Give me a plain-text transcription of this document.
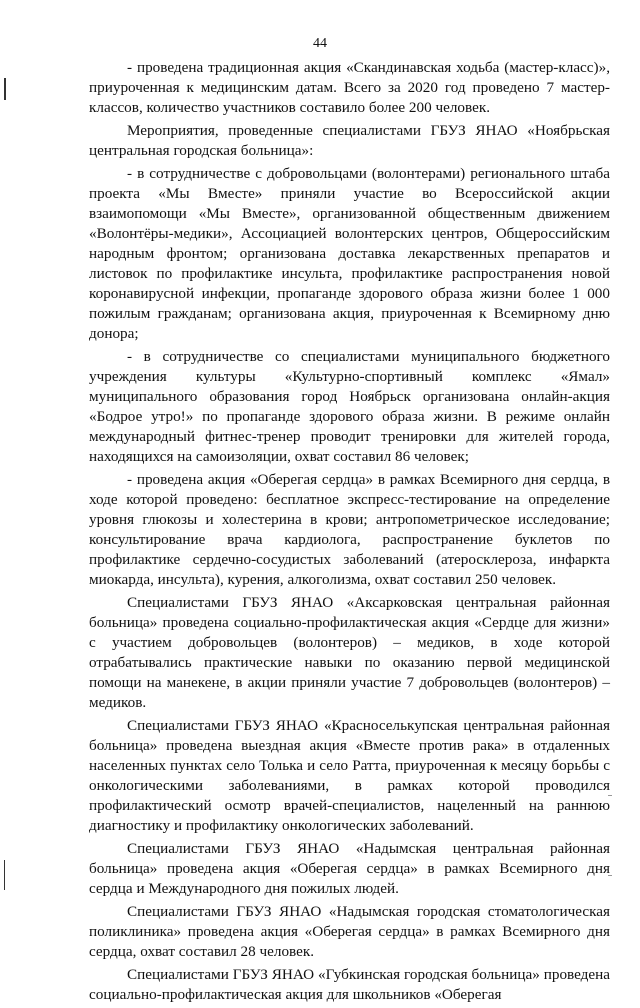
44

- проведена традиционная акция «Скандинавская ходьба (мастер-класс)», приуроченная к медицинским датам. Всего за 2020 год проведено 7 мастер-классов, количество участников составило более 200 человек.

Мероприятия, проведенные специалистами ГБУЗ ЯНАО «Ноябрьская центральная городская больница»:

- в сотрудничестве с добровольцами (волонтерами) регионального штаба проекта «Мы Вместе» приняли участие во Всероссийской акции взаимопомощи «Мы Вместе», организованной общественным движением «Волонтёры-медики», Ассоциацией волонтерских центров, Общероссийским народным фронтом; организована доставка лекарственных препаратов и листовок по профилактике инсульта, профилактике распространения новой коронавирусной инфекции, пропаганде здорового образа жизни более 1 000 пожилым гражданам; организована акция, приуроченная к Всемирному дню донора;

- в сотрудничестве со специалистами муниципального бюджетного учреждения культуры «Культурно-спортивный комплекс «Ямал» муниципального образования город Ноябрьск организована онлайн-акция «Бодрое утро!» по пропаганде здорового образа жизни. В режиме онлайн международный фитнес-тренер проводит тренировки для жителей города, находящихся на самоизоляции, охват составил 86 человек;

- проведена акция «Оберегая сердца» в рамках Всемирного дня сердца, в ходе которой проведено: бесплатное экспресс-тестирование на определение уровня глюкозы и холестерина в крови; антропометрическое исследование; консультирование врача кардиолога, распространение буклетов по профилактике сердечно-сосудистых заболеваний (атеросклероза, инфаркта миокарда, инсульта), курения, алкоголизма, охват составил 250 человек.

Специалистами ГБУЗ ЯНАО «Аксарковская центральная районная больница» проведена социально-профилактическая акция «Сердце для жизни» с участием добровольцев (волонтеров) – медиков, в ходе которой отрабатывались практические навыки по оказанию первой медицинской помощи на манекене, в акции приняли участие 7 добровольцев (волонтеров) – медиков.

Специалистами ГБУЗ ЯНАО «Красноселькупская центральная районная больница» проведена выездная акция «Вместе против рака» в отдаленных населенных пунктах село Толька и село Ратта, приуроченная к месяцу борьбы с онкологическими заболеваниями, в рамках которой проводился профилактический осмотр врачей-специалистов, нацеленный на раннюю диагностику и профилактику онкологических заболеваний.

Специалистами ГБУЗ ЯНАО «Надымская центральная районная больница» проведена акция «Оберегая сердца» в рамках Всемирного дня сердца и Международного дня пожилых людей.

Специалистами ГБУЗ ЯНАО «Надымская городская стоматологическая поликлиника» проведена акция «Оберегая сердца» в рамках Всемирного дня сердца, охват составил 28 человек.

Специалистами ГБУЗ ЯНАО «Губкинская городская больница» проведена социально-профилактическая акция для школьников «Оберегая
